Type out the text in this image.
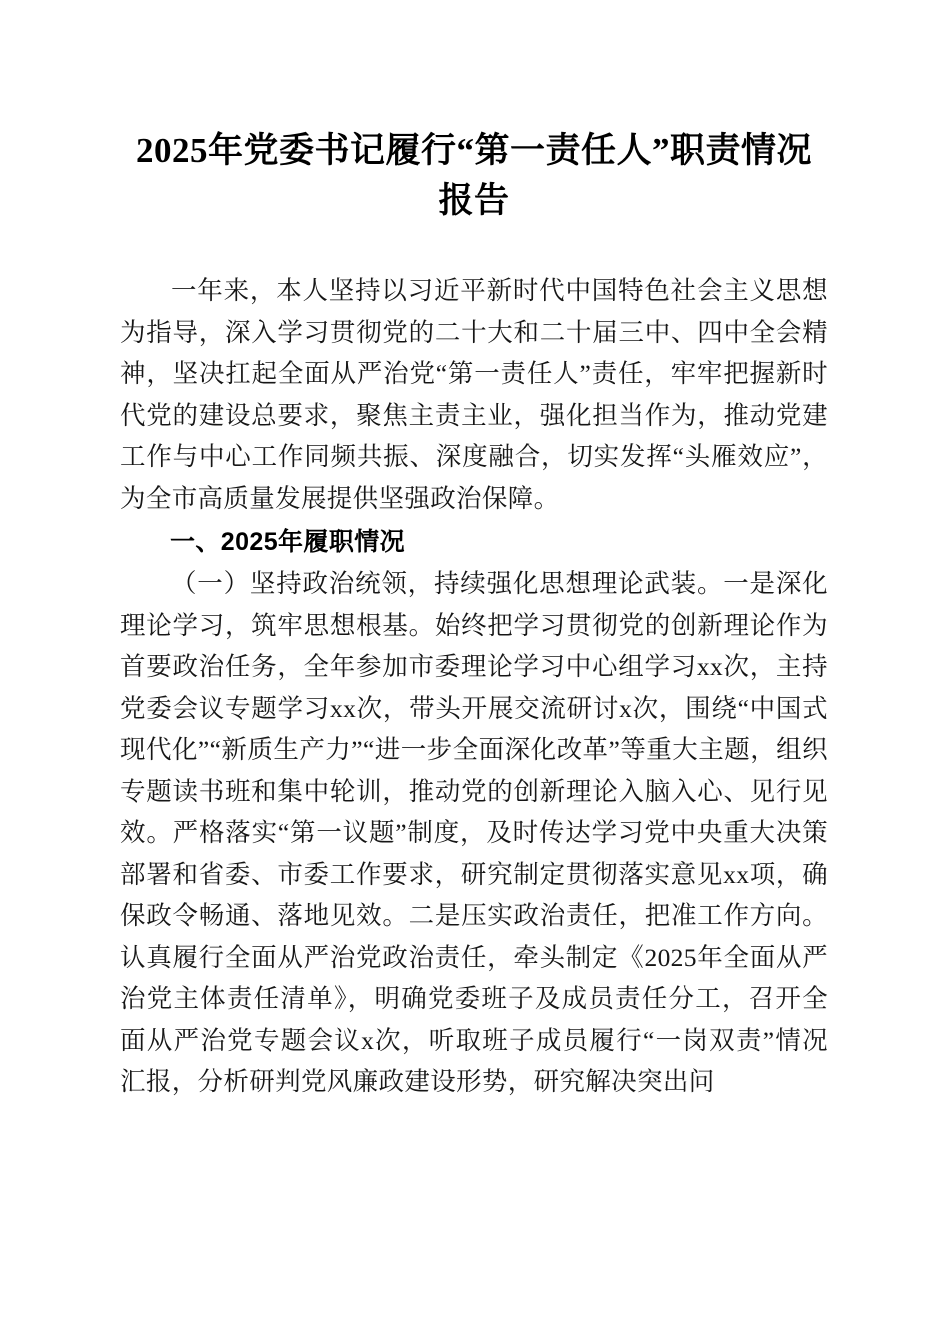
2025年党委书记履行“第一责任人”职责情况报告

一年来，本人坚持以习近平新时代中国特色社会主义思想为指导，深入学习贯彻党的二十大和二十届三中、四中全会精神，坚决扛起全面从严治党“第一责任人”责任，牢牢把握新时代党的建设总要求，聚焦主责主业，强化担当作为，推动党建工作与中心工作同频共振、深度融合，切实发挥“头雁效应”，为全市高质量发展提供坚强政治保障。

一、2025年履职情况

（一）坚持政治统领，持续强化思想理论武装。一是深化理论学习，筑牢思想根基。始终把学习贯彻党的创新理论作为首要政治任务，全年参加市委理论学习中心组学习xx次，主持党委会议专题学习xx次，带头开展交流研讨x次，围绕“中国式现代化”“新质生产力”“进一步全面深化改革”等重大主题，组织专题读书班和集中轮训，推动党的创新理论入脑入心、见行见效。严格落实“第一议题”制度，及时传达学习党中央重大决策部署和省委、市委工作要求，研究制定贯彻落实意见xx项，确保政令畅通、落地见效。二是压实政治责任，把准工作方向。认真履行全面从严治党政治责任，牵头制定《2025年全面从严治党主体责任清单》，明确党委班子及成员责任分工，召开全面从严治党专题会议x次，听取班子成员履行“一岗双责”情况汇报，分析研判党风廉政建设形势，研究解决突出问
